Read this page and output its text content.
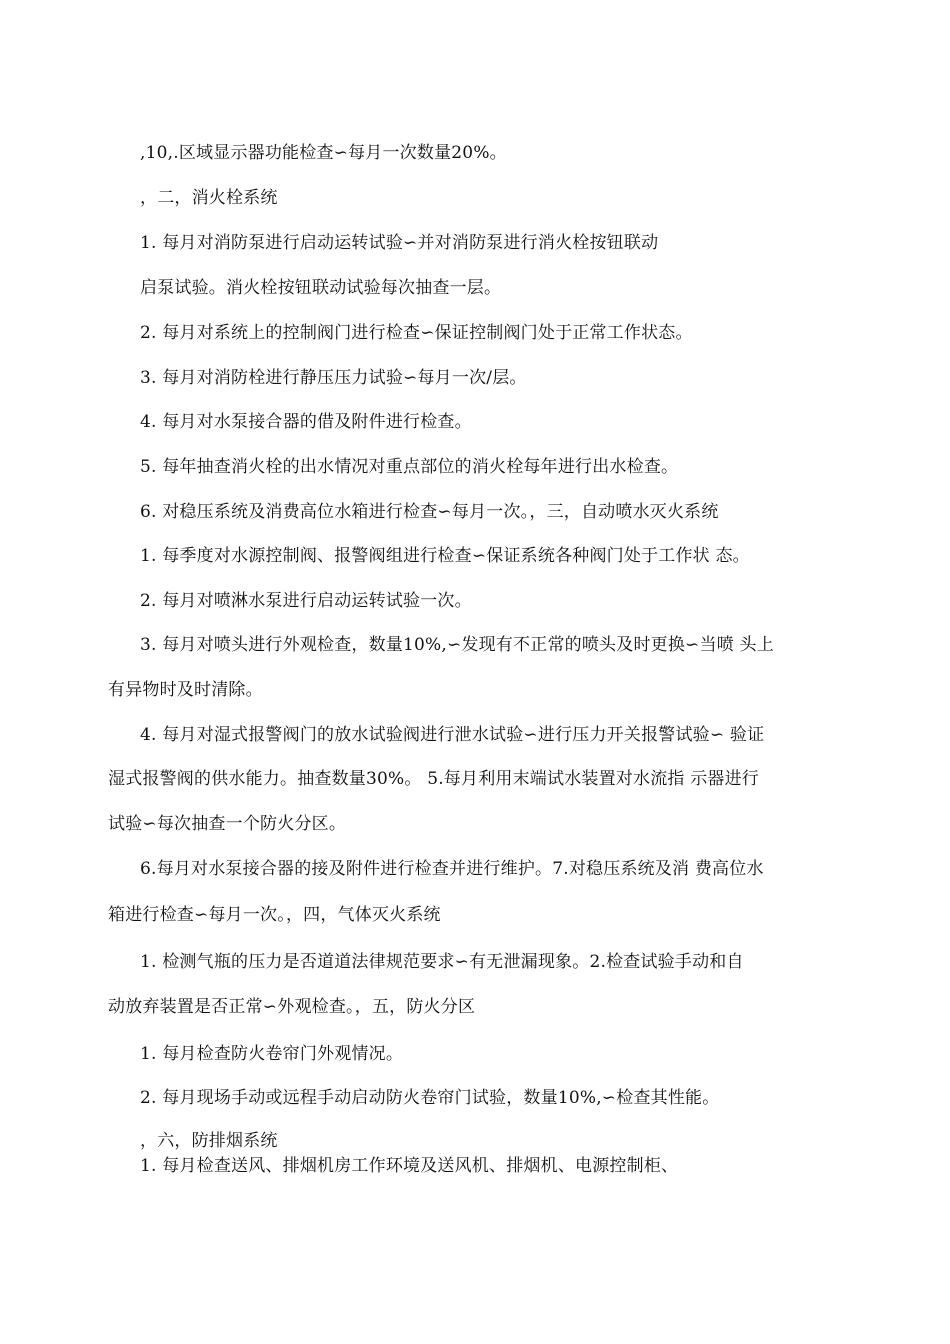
,10,.区域显示器功能检查∽每月一次数量20%。
，二，消火栓系统
1. 每月对消防泵进行启动运转试验∽并对消防泵进行消火栓按钮联动
启泵试验。消火栓按钮联动试验每次抽查一层。
2. 每月对系统上的控制阀门进行检查∽保证控制阀门处于正常工作状态。
3. 每月对消防栓进行静压压力试验∽每月一次/层。
4. 每月对水泵接合器的借及附件进行检查。
5. 每年抽查消火栓的出水情况对重点部位的消火栓每年进行出水检查。
6. 对稳压系统及消费高位水箱进行检查∽每月一次。，三，自动喷水灭火系统
1. 每季度对水源控制阀、报警阀组进行检查∽保证系统各种阀门处于工作状 态。
2. 每月对喷淋水泵进行启动运转试验一次。
3. 每月对喷头进行外观检查，数量10%,∽发现有不正常的喷头及时更换∽当喷 头上
有异物时及时清除。
4. 每月对湿式报警阀门的放水试验阀进行泄水试验∽进行压力开关报警试验∽ 验证
湿式报警阀的供水能力。抽查数量30%。 5.每月利用末端试水装置对水流指 示器进行
试验∽每次抽查一个防火分区。
6.每月对水泵接合器的接及附件进行检查并进行维护。7.对稳压系统及消 费高位水
箱进行检查∽每月一次。，四，气体灭火系统
1. 检测气瓶的压力是否道道法律规范要求∽有无泄漏现象。2.检查试验手动和自
动放弃装置是否正常∽外观检查。，五，防火分区
1. 每月检查防火卷帘门外观情况。
2. 每月现场手动或远程手动启动防火卷帘门试验，数量10%,∽检查其性能。
，六，防排烟系统
1. 每月检查送风、排烟机房工作环境及送风机、排烟机、电源控制柜、
